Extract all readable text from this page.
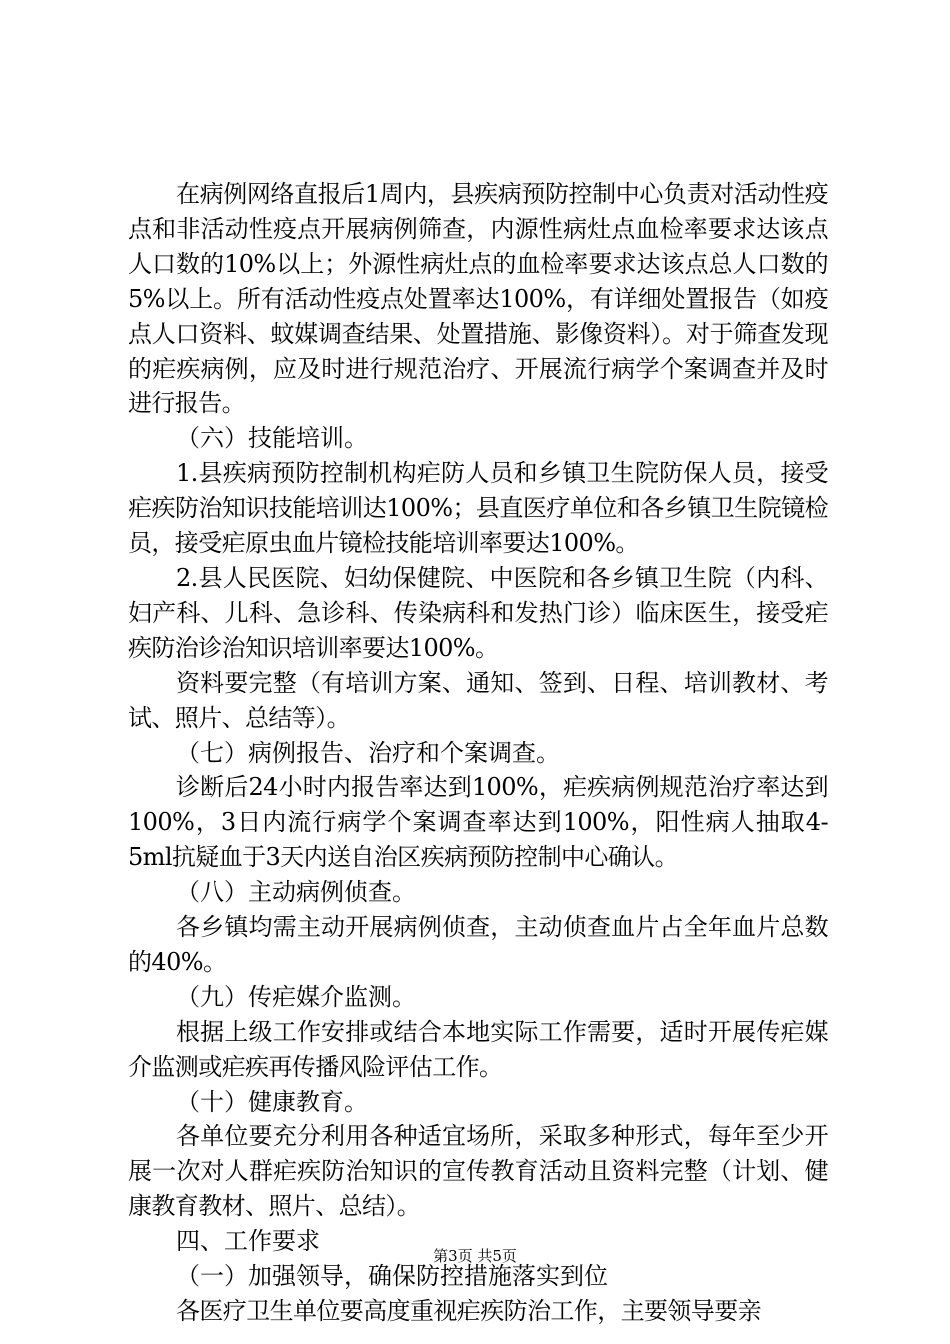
在病例网络直报后1周内，县疾病预防控制中心负责对活动性疫点和非活动性疫点开展病例筛查，内源性病灶点血检率要求达该点人口数的10%以上；外源性病灶点的血检率要求达该点总人口数的5%以上。所有活动性疫点处置率达100%，有详细处置报告（如疫点人口资料、蚊媒调查结果、处置措施、影像资料）。对于筛查发现的疟疾病例，应及时进行规范治疗、开展流行病学个案调查并及时进行报告。

（六）技能培训。

1.县疾病预防控制机构疟防人员和乡镇卫生院防保人员，接受疟疾防治知识技能培训达100%；县直医疗单位和各乡镇卫生院镜检员，接受疟原虫血片镜检技能培训率要达100%。

2.县人民医院、妇幼保健院、中医院和各乡镇卫生院（内科、妇产科、儿科、急诊科、传染病科和发热门诊）临床医生，接受疟疾防治诊治知识培训率要达100%。

资料要完整（有培训方案、通知、签到、日程、培训教材、考试、照片、总结等）。

（七）病例报告、治疗和个案调查。

诊断后24小时内报告率达到100%，疟疾病例规范治疗率达到100%，3日内流行病学个案调查率达到100%，阳性病人抽取4-5ml抗疑血于3天内送自治区疾病预防控制中心确认。

（八）主动病例侦查。

各乡镇均需主动开展病例侦查，主动侦查血片占全年血片总数的40%。

（九）传疟媒介监测。

根据上级工作安排或结合本地实际工作需要，适时开展传疟媒介监测或疟疾再传播风险评估工作。

（十）健康教育。

各单位要充分利用各种适宜场所，采取多种形式，每年至少开展一次对人群疟疾防治知识的宣传教育活动且资料完整（计划、健康教育教材、照片、总结）。

四、工作要求

（一）加强领导，确保防控措施落实到位

各医疗卫生单位要高度重视疟疾防治工作，主要领导要亲

第3页 共5页
